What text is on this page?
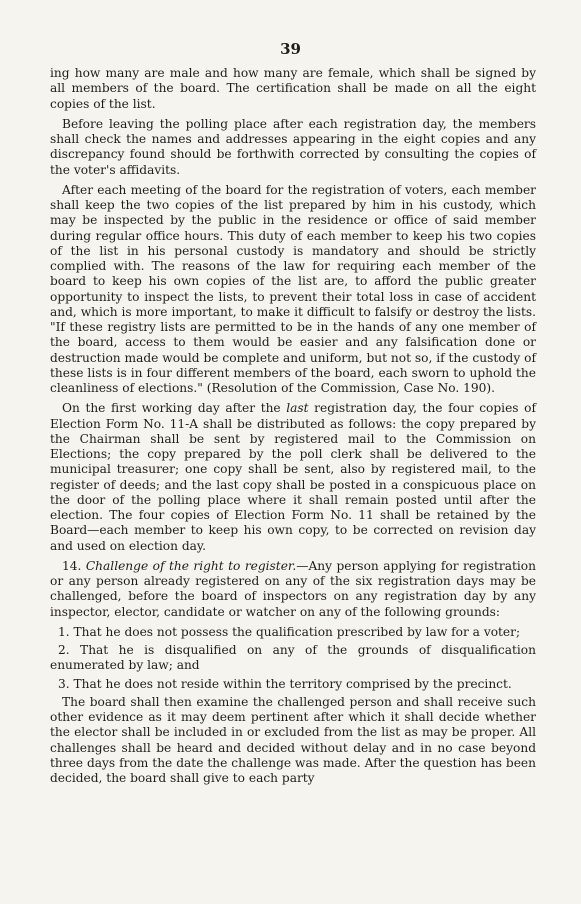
39

ing how many are male and how many are female, which shall be signed by all members of the board. The certification shall be made on all the eight copies of the list.

Before leaving the polling place after each registration day, the members shall check the names and addresses appearing in the eight copies and any discrepancy found should be forthwith corrected by consulting the copies of the voter's affidavits.

After each meeting of the board for the registration of voters, each member shall keep the two copies of the list prepared by him in his custody, which may be inspected by the public in the residence or office of said member during regular office hours. This duty of each member to keep his two copies of the list in his personal custody is mandatory and should be strictly complied with. The reasons of the law for requiring each member of the board to keep his own copies of the list are, to afford the public greater opportunity to inspect the lists, to prevent their total loss in case of accident and, which is more important, to make it difficult to falsify or destroy the lists. "If these registry lists are permitted to be in the hands of any one member of the board, access to them would be easier and any falsification done or destruction made would be complete and uniform, but not so, if the custody of these lists is in four different members of the board, each sworn to uphold the cleanliness of elections." (Resolution of the Commission, Case No. 190).

On the first working day after the last registration day, the four copies of Election Form No. 11-A shall be distributed as follows: the copy prepared by the Chairman shall be sent by registered mail to the Commission on Elections; the copy prepared by the poll clerk shall be delivered to the municipal treasurer; one copy shall be sent, also by registered mail, to the register of deeds; and the last copy shall be posted in a conspicuous place on the door of the polling place where it shall remain posted until after the election. The four copies of Election Form No. 11 shall be retained by the Board—each member to keep his own copy, to be corrected on revision day and used on election day.

14. Challenge of the right to register.—Any person applying for registration or any person already registered on any of the six registration days may be challenged, before the board of inspectors on any registration day by any inspector, elector, candidate or watcher on any of the following grounds:

1. That he does not possess the qualification prescribed by law for a voter;

2. That he is disqualified on any of the grounds of disqualification enumerated by law; and

3. That he does not reside within the territory comprised by the precinct.

The board shall then examine the challenged person and shall receive such other evidence as it may deem pertinent after which it shall decide whether the elector shall be included in or excluded from the list as may be proper. All challenges shall be heard and decided without delay and in no case beyond three days from the date the challenge was made. After the question has been decided, the board shall give to each party
